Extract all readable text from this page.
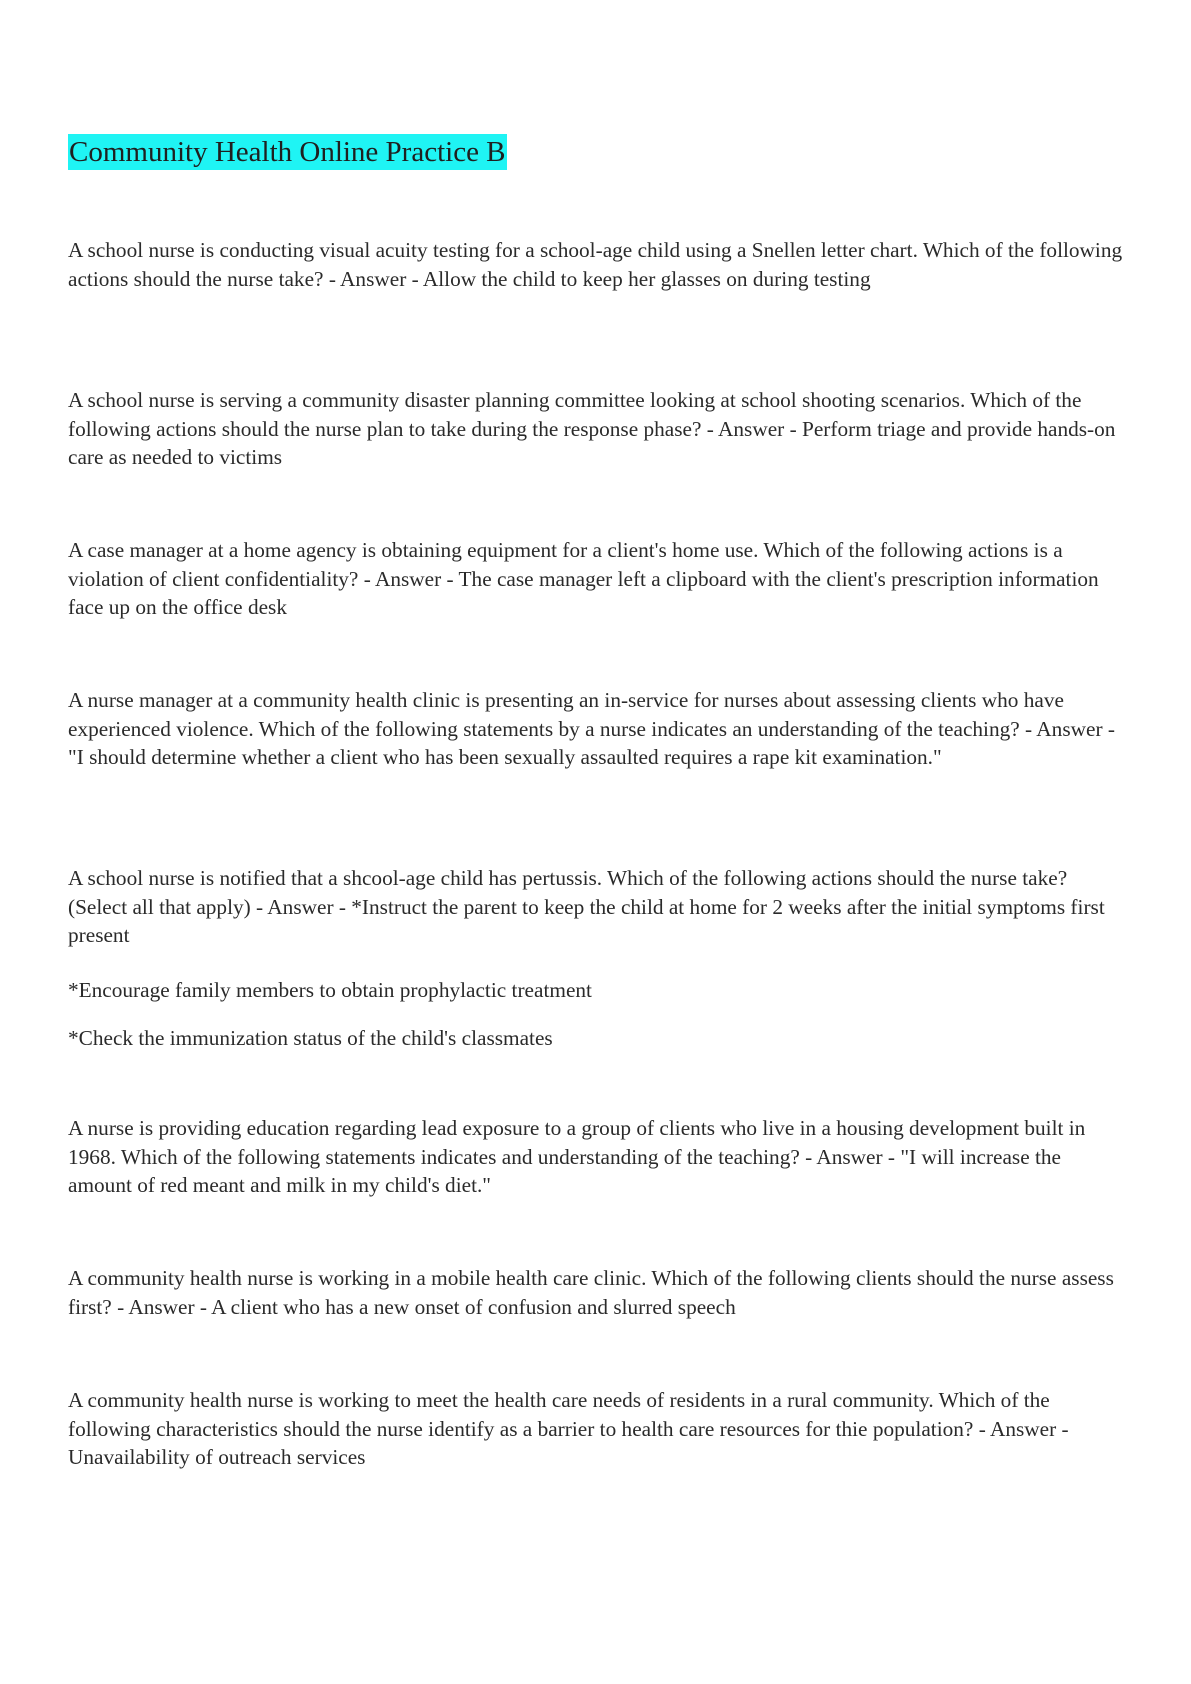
Community Health Online Practice B

A school nurse is conducting visual acuity testing for a school-age child using a Snellen letter chart. Which of the following actions should the nurse take? - Answer - Allow the child to keep her glasses on during testing

A school nurse is serving a community disaster planning committee looking at school shooting scenarios. Which of the following actions should the nurse plan to take during the response phase? - Answer - Perform triage and provide hands-on care as needed to victims

A case manager at a home agency is obtaining equipment for a client's home use. Which of the following actions is a violation of client confidentiality? - Answer - The case manager left a clipboard with the client's prescription information face up on the office desk

A nurse manager at a community health clinic is presenting an in-service for nurses about assessing clients who have experienced violence. Which of the following statements by a nurse indicates an understanding of the teaching? - Answer - "I should determine whether a client who has been sexually assaulted requires a rape kit examination."

A school nurse is notified that a shcool-age child has pertussis. Which of the following actions should the nurse take? (Select all that apply) - Answer - *Instruct the parent to keep the child at home for 2 weeks after the initial symptoms first present

*Encourage family members to obtain prophylactic treatment

*Check the immunization status of the child's classmates

A nurse is providing education regarding lead exposure to a group of clients who live in a housing development built in 1968. Which of the following statements indicates and understanding of the teaching? - Answer - "I will increase the amount of red meant and milk in my child's diet."

A community health nurse is working in a mobile health care clinic. Which of the following clients should the nurse assess first? - Answer - A client who has a new onset of confusion and slurred speech

A community health nurse is working to meet the health care needs of residents in a rural community. Which of the following characteristics should the nurse identify as a barrier to health care resources for thie population? - Answer - Unavailability of outreach services
